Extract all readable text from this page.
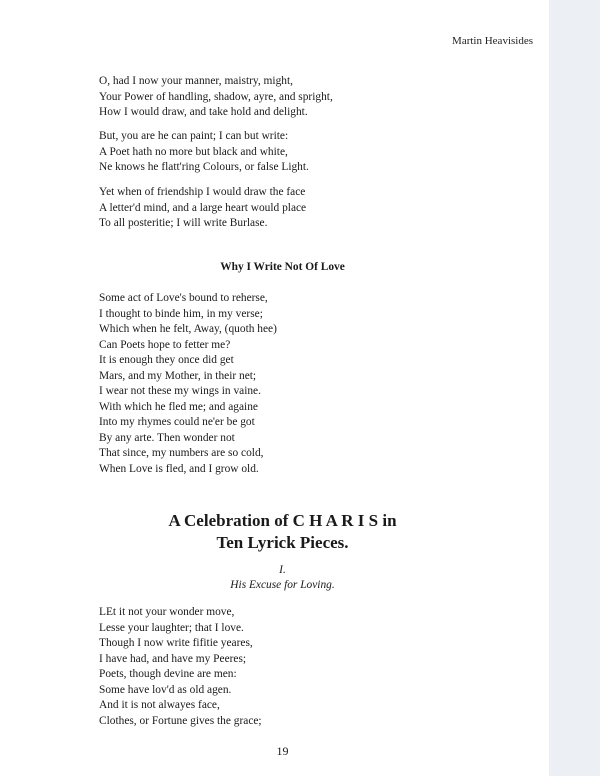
Martin Heavisides
O, had I now your manner, maistry, might,
Your Power of handling, shadow, ayre, and spright,
How I would draw, and take hold and delight.
But, you are he can paint; I can but write:
A Poet hath no more but black and white,
Ne knows he flatt'ring Colours, or false Light.
Yet when of friendship I would draw the face
A letter'd mind, and a large heart would place
To all posteritie; I will write Burlase.
Why I Write Not Of Love
Some act of Love's bound to reherse,
I thought to binde him, in my verse;
Which when he felt, Away, (quoth hee)
Can Poets hope to fetter me?
It is enough they once did get
Mars, and my Mother, in their net;
I wear not these my wings in vaine.
With which he fled me; and againe
Into my rhymes could ne'er be got
By any arte. Then wonder not
That since, my numbers are so cold,
When Love is fled, and I grow old.
A Celebration of C H A R I S in
Ten Lyrick Pieces.
I.
His Excuse for Loving.
LEt it not your wonder move,
Lesse your laughter; that I love.
Though I now write fifitie yeares,
I have had, and have my Peeres;
Poets, though devine are men:
Some have lov'd as old agen.
And it is not alwayes face,
Clothes, or Fortune gives the grace;
19
